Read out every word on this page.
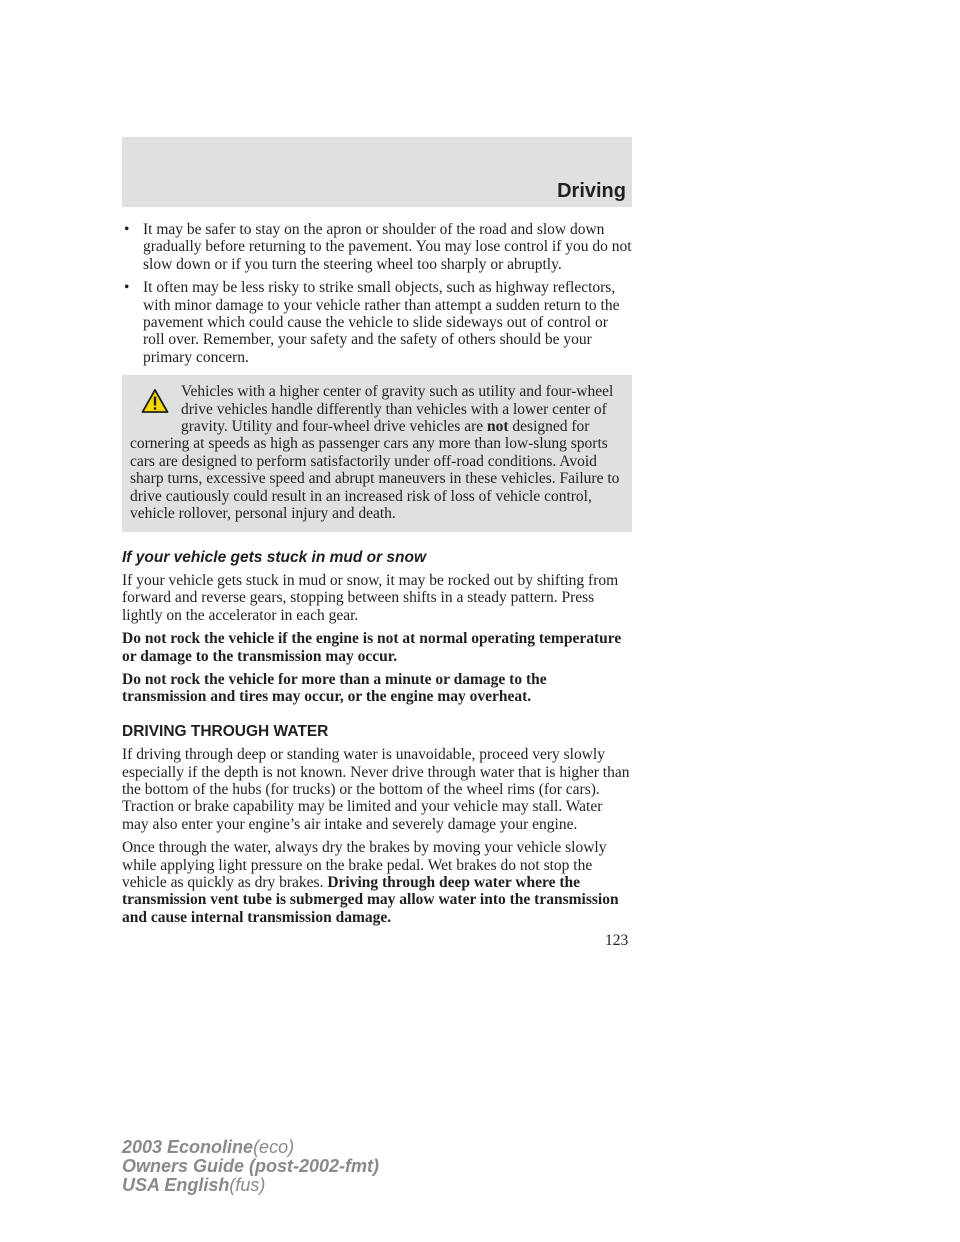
Driving
• It may be safer to stay on the apron or shoulder of the road and slow down gradually before returning to the pavement. You may lose control if you do not slow down or if you turn the steering wheel too sharply or abruptly.
• It often may be less risky to strike small objects, such as highway reflectors, with minor damage to your vehicle rather than attempt a sudden return to the pavement which could cause the vehicle to slide sideways out of control or roll over. Remember, your safety and the safety of others should be your primary concern.

Vehicles with a higher center of gravity such as utility and four-wheel drive vehicles handle differently than vehicles with a lower center of gravity. Utility and four-wheel drive vehicles are not designed for cornering at speeds as high as passenger cars any more than low-slung sports cars are designed to perform satisfactorily under off-road conditions. Avoid sharp turns, excessive speed and abrupt maneuvers in these vehicles. Failure to drive cautiously could result in an increased risk of loss of vehicle control, vehicle rollover, personal injury and death.

If your vehicle gets stuck in mud or snow

If your vehicle gets stuck in mud or snow, it may be rocked out by shifting from forward and reverse gears, stopping between shifts in a steady pattern. Press lightly on the accelerator in each gear.

Do not rock the vehicle if the engine is not at normal operating temperature or damage to the transmission may occur.

Do not rock the vehicle for more than a minute or damage to the transmission and tires may occur, or the engine may overheat.

DRIVING THROUGH WATER

If driving through deep or standing water is unavoidable, proceed very slowly especially if the depth is not known. Never drive through water that is higher than the bottom of the hubs (for trucks) or the bottom of the wheel rims (for cars). Traction or brake capability may be limited and your vehicle may stall. Water may also enter your engine’s air intake and severely damage your engine.

Once through the water, always dry the brakes by moving your vehicle slowly while applying light pressure on the brake pedal. Wet brakes do not stop the vehicle as quickly as dry brakes. Driving through deep water where the transmission vent tube is submerged may allow water into the transmission and cause internal transmission damage.

123
2003 Econoline(eco)
Owners Guide (post-2002-fmt)
USA English(fus)
